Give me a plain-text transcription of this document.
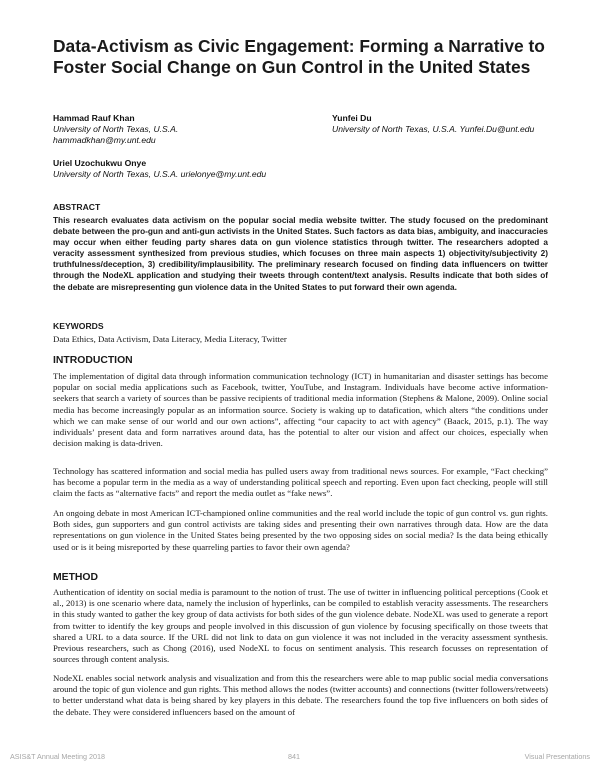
Data-Activism as Civic Engagement: Forming a Narrative to Foster Social Change on Gun Control in the United States
Hammad Rauf Khan
University of North Texas, U.S.A.
hammadkhan@my.unt.edu
Yunfei Du
University of North Texas, U.S.A. Yunfei.Du@unt.edu
Uriel Uzochukwu Onye
University of North Texas, U.S.A. urielonye@my.unt.edu
ABSTRACT

This research evaluates data activism on the popular social media website twitter. The study focused on the predominant debate between the pro-gun and anti-gun activists in the United States. Such factors as data bias, ambiguity, and inaccuracies may occur when either feuding party shares data on gun violence statistics through twitter. The researchers adopted a veracity assessment synthesized from previous studies, which focuses on three main aspects 1) objectivity/subjectivity 2) truthfulness/deception, 3) credibility/implausibility. The preliminary research focused on finding data influencers on twitter through the NodeXL application and studying their tweets through content/text analysis. Results indicate that both sides of the debate are misrepresenting gun violence data in the United States to put forward their own agenda.

KEYWORDS

Data Ethics, Data Activism, Data Literacy, Media Literacy, Twitter

INTRODUCTION

The implementation of digital data through information communication technology (ICT) in humanitarian and disaster settings has become popular on social media applications such as Facebook, twitter, YouTube, and Instagram. Individuals have become active information-seekers that search a variety of sources than be passive recipients of traditional media information (Stephens & Malone, 2009). Online social media has become increasingly popular as an information source. Society is waking up to datafication, which alters “the conditions under which we can make sense of our world and our own actions”, affecting “our capacity to act with agency” (Baack, 2015, p.1). The way individuals’ present data and form narratives around data, has the potential to alter our vision and affect our choices, especially when decision making is data-driven.

Technology has scattered information and social media has pulled users away from traditional news sources. For example, “Fact checking” has become a popular term in the media as a way of understanding political speech and reporting. Even upon fact checking, people will still claim the facts as “alternative facts” and report the media outlet as “fake news”.

An ongoing debate in most American ICT-championed online communities and the real world include the topic of gun control vs. gun rights. Both sides, gun supporters and gun control activists are taking sides and presenting their own narratives through data. How are the data representations on gun violence in the United States being presented by the two opposing sides on social media? Is the data being ethically used or is it being misreported by these quarreling parties to favor their own agenda?

METHOD

Authentication of identity on social media is paramount to the notion of trust. The use of twitter in influencing political perceptions (Cook et al., 2013) is one scenario where data, namely the inclusion of hyperlinks, can be compiled to establish veracity assessments. The researchers in this study wanted to gather the key group of data activists for both sides of the gun violence debate. NodeXL was used to generate a report from twitter to identify the key groups and people involved in this discussion of gun violence by focusing specifically on those tweets that shared a URL to a data source. If the URL did not link to data on gun violence it was not included in the veracity assessment synthesis. Previous researchers, such as Chong (2016), used NodeXL to focus on sentiment analysis. This research focusses on representation of sources through content analysis.

NodeXL enables social network analysis and visualization and from this the researchers were able to map public social media conversations around the topic of gun violence and gun rights. This method allows the nodes (twitter accounts) and connections (twitter followers/retweets) to better understand what data is being shared by key players in this debate. The researchers found the top five influencers on both sides of the debate. They were considered influencers based on the amount of

ASIS&T Annual Meeting 2018	841	Visual Presentations
